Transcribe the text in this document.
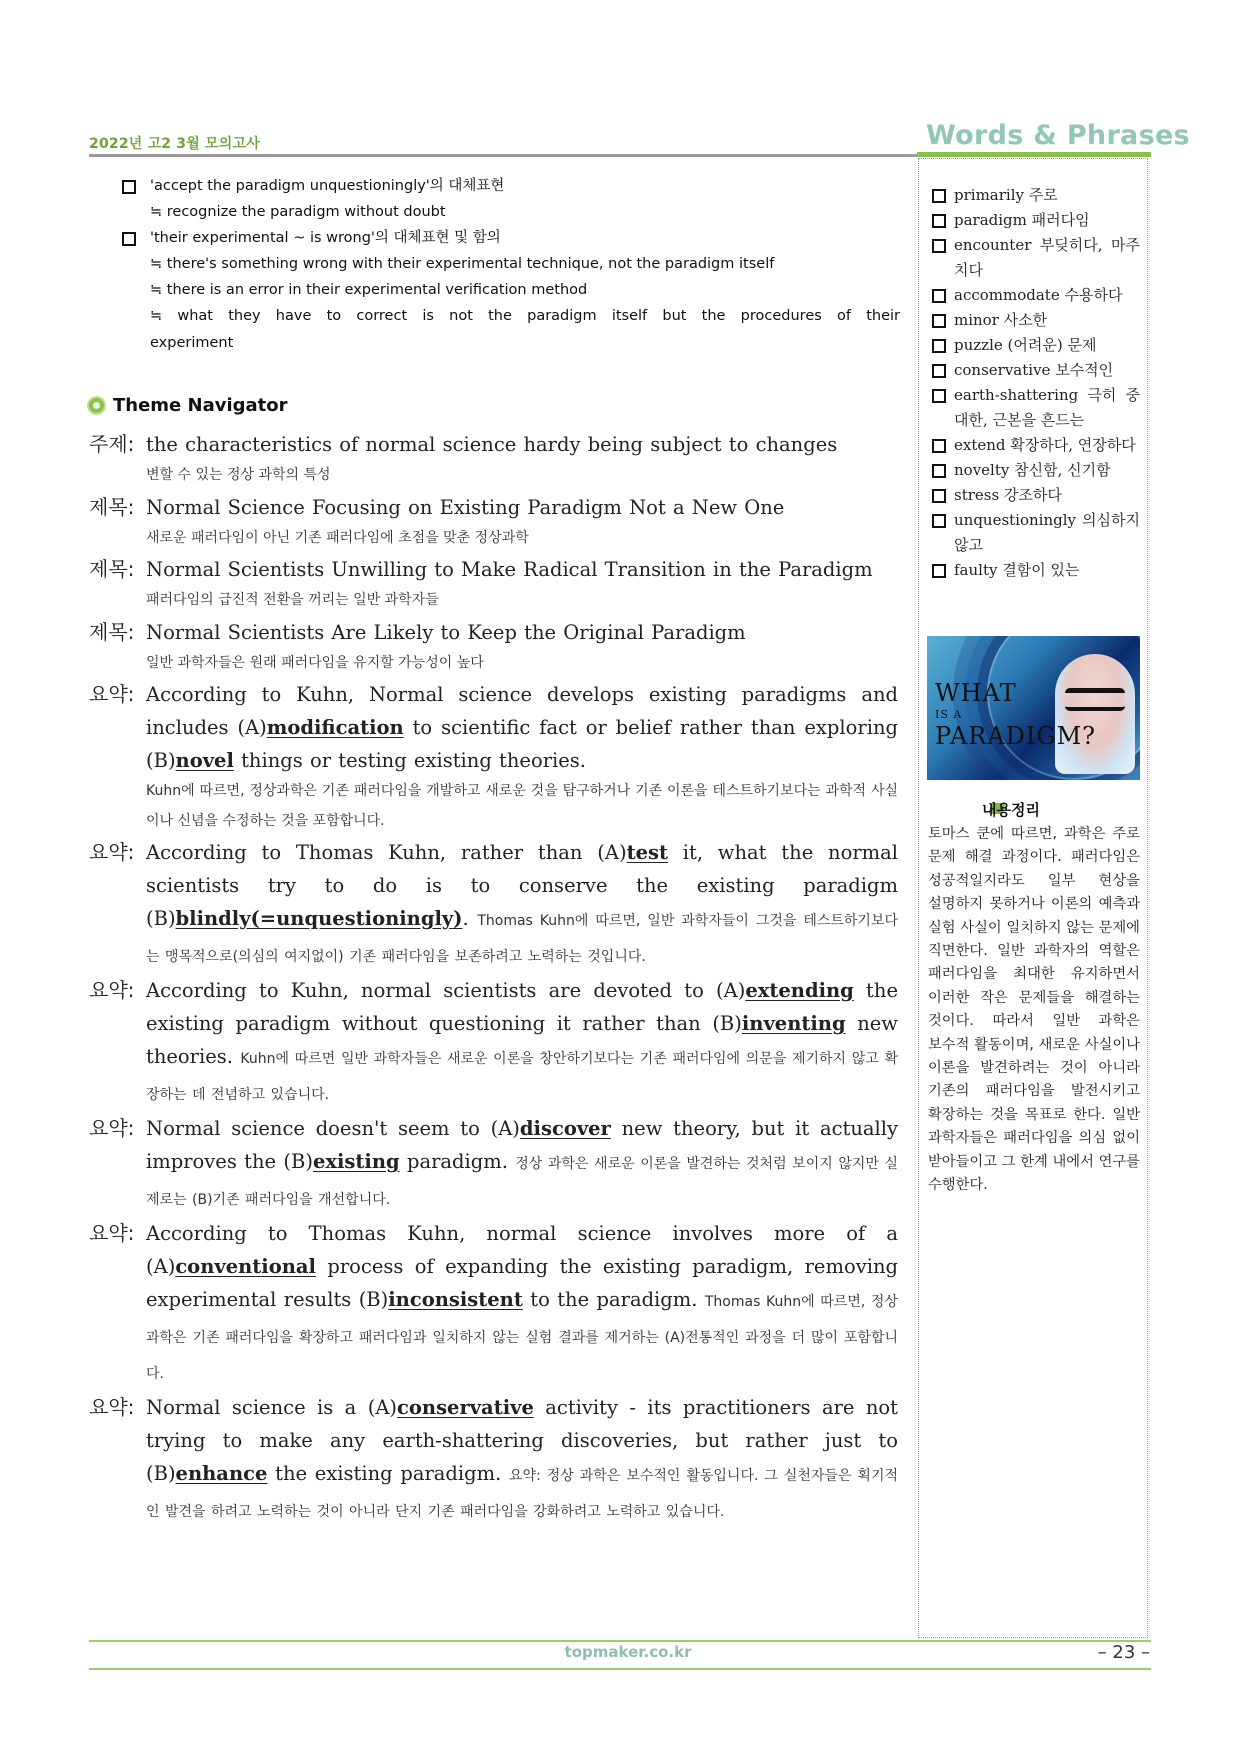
2022년 고2 3월 모의고사	Words & Phrases
'accept the paradigm unquestioningly'의 대체표현
≒ recognize the paradigm without doubt
'their experimental ~ is wrong'의 대체표현 및 함의
≒ there's something wrong with their experimental technique, not the paradigm itself
≒ there is an error in their experimental verification method
≒ what they have to correct is not the paradigm itself but the procedures of their experiment
Theme Navigator
주제: the characteristics of normal science hardy being subject to changes
변할 수 있는 정상 과학의 특성
제목: Normal Science Focusing on Existing Paradigm Not a New One
새로운 패러다임이 아닌 기존 패러다임에 초점을 맞춘 정상과학
제목: Normal Scientists Unwilling to Make Radical Transition in the Paradigm
패러다임의 급진적 전환을 꺼리는 일반 과학자들
제목: Normal Scientists Are Likely to Keep the Original Paradigm
일반 과학자들은 원래 패러다임을 유지할 가능성이 높다
요약: According to Kuhn, Normal science develops existing paradigms and includes (A)modification to scientific fact or belief rather than exploring (B)novel things or testing existing theories.
Kuhn에 따르면, 정상과학은 기존 패러다임을 개발하고 새로운 것을 탐구하거나 기존 이론을 테스트하기보다는 과학적 사실이나 신념을 수정하는 것을 포함합니다.
요약: According to Thomas Kuhn, rather than (A)test it, what the normal scientists try to do is to conserve the existing paradigm (B)blindly(=unquestioningly). Thomas Kuhn에 따르면, 일반 과학자들이 그것을 테스트하기보다는 맹목적으로(의심의 여지없이) 기존 패러다임을 보존하려고 노력하는 것입니다.
요약: According to Kuhn, normal scientists are devoted to (A)extending the existing paradigm without questioning it rather than (B)inventing new theories. Kuhn에 따르면 일반 과학자들은 새로운 이론을 창안하기보다는 기존 패러다임에 의문을 제기하지 않고 확장하는 데 전념하고 있습니다.
요약: Normal science doesn't seem to (A)discover new theory, but it actually improves the (B)existing paradigm. 정상 과학은 새로운 이론을 발견하는 것처럼 보이지 않지만 실제로는 (B)기존 패러다임을 개선합니다.
요약: According to Thomas Kuhn, normal science involves more of a (A)conventional process of expanding the existing paradigm, removing experimental results (B)inconsistent to the paradigm. Thomas Kuhn에 따르면, 정상과학은 기존 패러다임을 확장하고 패러다임과 일치하지 않는 실험 결과를 제거하는 (A)전통적인 과정을 더 많이 포함합니다.
요약: Normal science is a (A)conservative activity - its practitioners are not trying to make any earth-shattering discoveries, but rather just to (B)enhance the existing paradigm. 요약: 정상 과학은 보수적인 활동입니다. 그 실천자들은 획기적인 발견을 하려고 노력하는 것이 아니라 단지 기존 패러다임을 강화하려고 노력하고 있습니다.
primarily 주로
paradigm 패러다임
encounter 부딪히다, 마주치다
accommodate 수용하다
minor 사소한
puzzle (어려운) 문제
conservative 보수적인
earth-shattering 극히 중대한, 근본을 흔드는
extend 확장하다, 연장하다
novelty 참신함, 신기함
stress 강조하다
unquestioningly 의심하지 않고
faulty 결함이 있는
WHAT
IS A
PARADIGM?
내용정리
토마스 쿤에 따르면, 과학은 주로 문제 해결 과정이다. 패러다임은 성공적일지라도 일부 현상을 설명하지 못하거나 이론의 예측과 실험 사실이 일치하지 않는 문제에 직면한다. 일반 과학자의 역할은 패러다임을 최대한 유지하면서 이러한 작은 문제들을 해결하는 것이다. 따라서 일반 과학은 보수적 활동이며, 새로운 사실이나 이론을 발견하려는 것이 아니라 기존의 패러다임을 발전시키고 확장하는 것을 목표로 한다. 일반 과학자들은 패러다임을 의심 없이 받아들이고 그 한계 내에서 연구를 수행한다.
topmaker.co.kr	– 23 –
